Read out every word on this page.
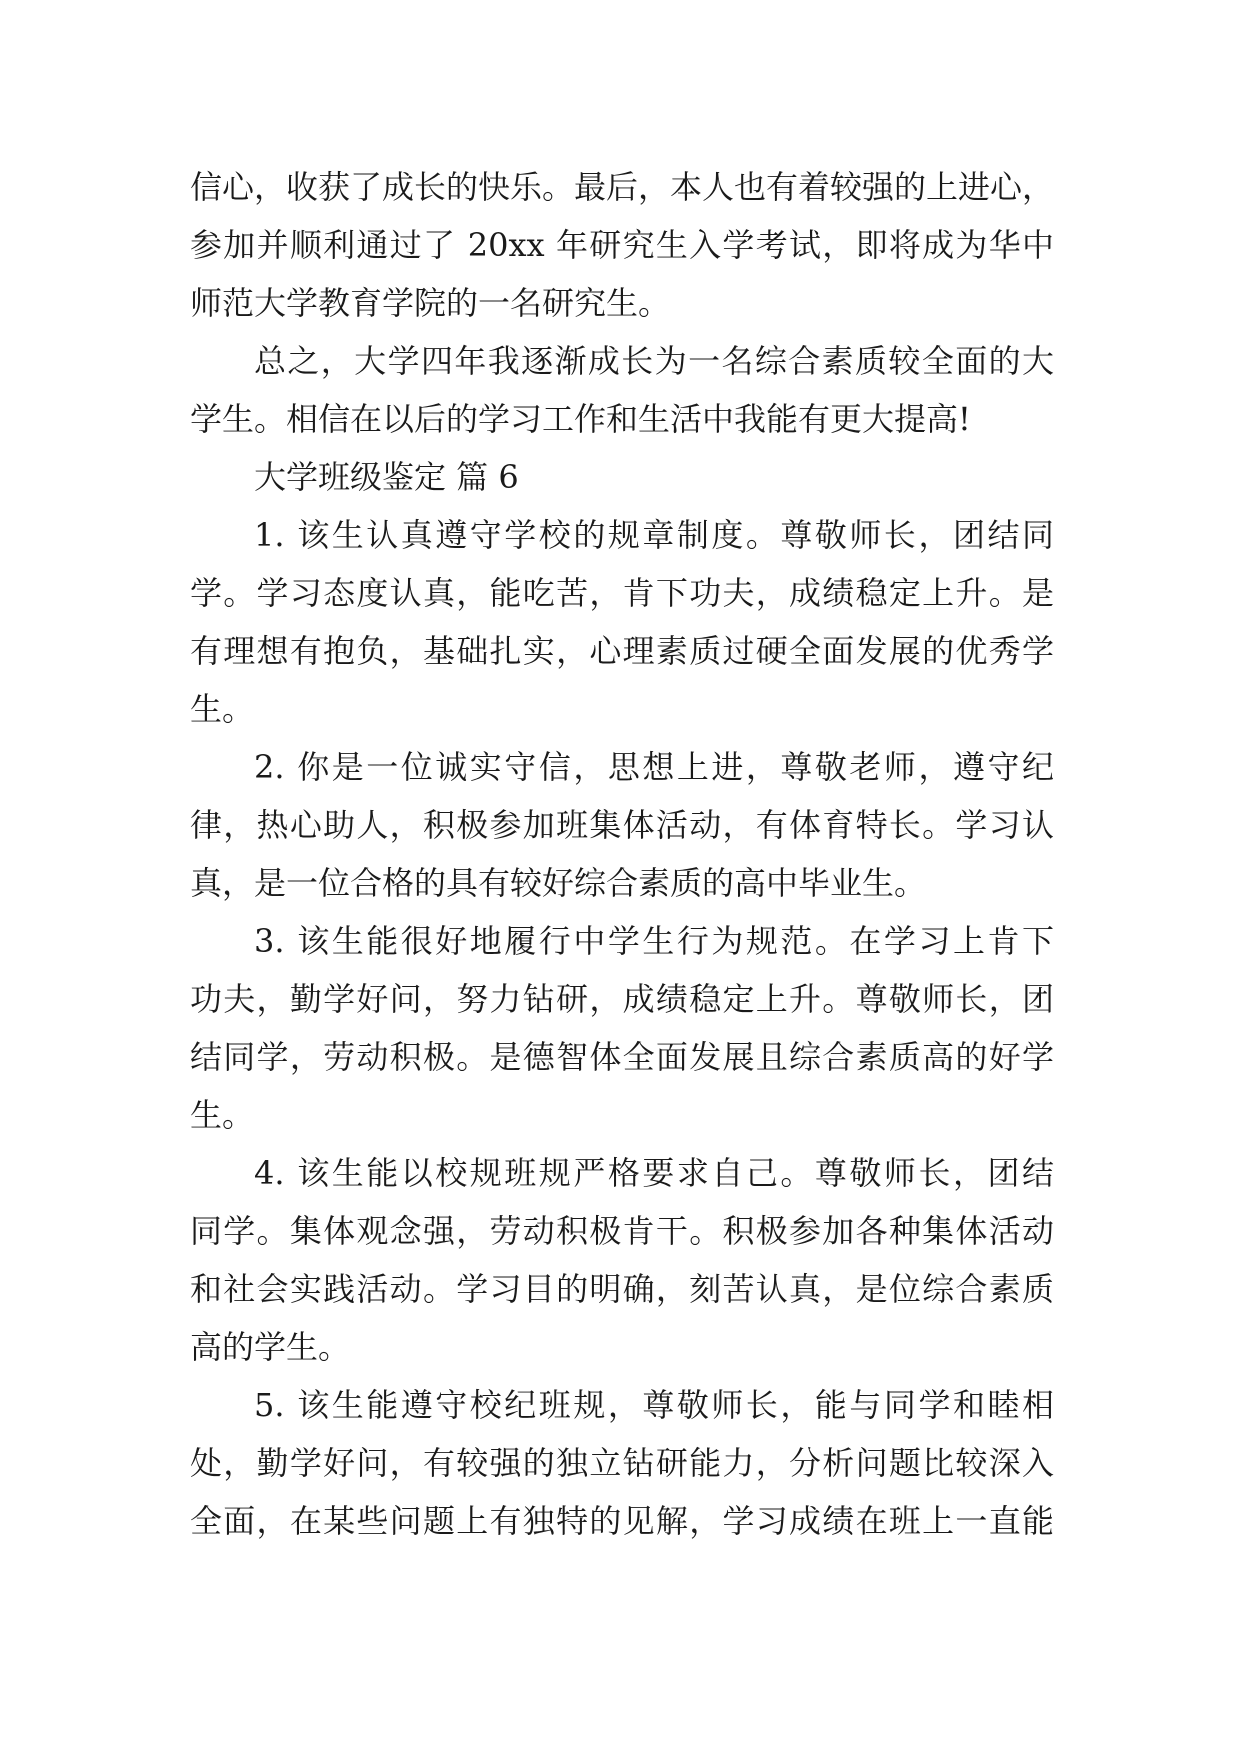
信心，收获了成长的快乐。最后，本人也有着较强的上进心，
参加并顺利通过了 20xx 年研究生入学考试，即将成为华中
师范大学教育学院的一名研究生。
总之，大学四年我逐渐成长为一名综合素质较全面的大
学生。相信在以后的学习工作和生活中我能有更大提高!
大学班级鉴定 篇 6
1. 该生认真遵守学校的规章制度。尊敬师长，团结同
学。学习态度认真，能吃苦，肯下功夫，成绩稳定上升。是
有理想有抱负，基础扎实，心理素质过硬全面发展的优秀学
生。
2. 你是一位诚实守信，思想上进，尊敬老师，遵守纪
律，热心助人，积极参加班集体活动，有体育特长。学习认
真，是一位合格的具有较好综合素质的高中毕业生。
3. 该生能很好地履行中学生行为规范。在学习上肯下
功夫，勤学好问，努力钻研，成绩稳定上升。尊敬师长，团
结同学，劳动积极。是德智体全面发展且综合素质高的好学
生。
4. 该生能以校规班规严格要求自己。尊敬师长，团结
同学。集体观念强，劳动积极肯干。积极参加各种集体活动
和社会实践活动。学习目的明确，刻苦认真，是位综合素质
高的学生。
5. 该生能遵守校纪班规，尊敬师长，能与同学和睦相
处，勤学好问，有较强的独立钻研能力，分析问题比较深入
全面，在某些问题上有独特的见解，学习成绩在班上一直能
